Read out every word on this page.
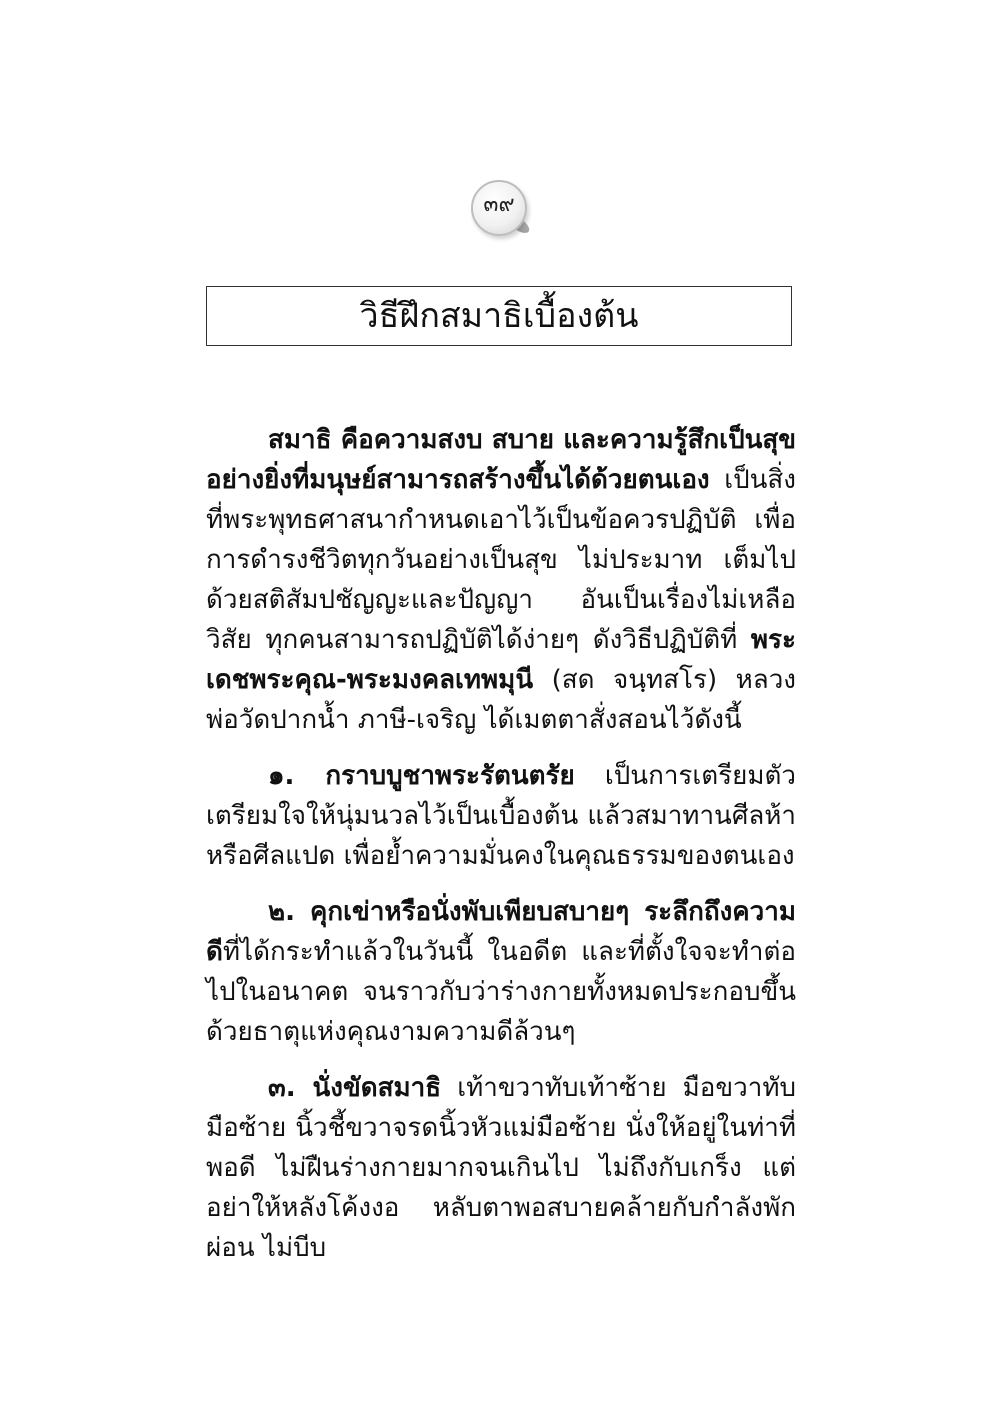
๓๙
วิธีฝึกสมาธิเบื้องต้น

สมาธิ คือความสงบ สบาย และความรู้สึกเป็นสุขอย่างยิ่งที่มนุษย์สามารถสร้างขึ้นได้ด้วยตนเอง เป็นสิ่งที่พระพุทธศาสนากำหนดเอาไว้เป็นข้อควรปฏิบัติ เพื่อการดำรงชีวิตทุกวันอย่างเป็นสุข ไม่ประมาท เต็มไปด้วยสติสัมปชัญญะและปัญญา อันเป็นเรื่องไม่เหลือวิสัย ทุกคนสามารถปฏิบัติได้ง่ายๆ ดังวิธีปฏิบัติที่ พระเดชพระคุณ-พระมงคลเทพมุนี (สด จนฺทสโร) หลวงพ่อวัดปากน้ำ ภาษี-เจริญ ได้เมตตาสั่งสอนไว้ดังนี้

๑. กราบบูชาพระรัตนตรัย เป็นการเตรียมตัว เตรียมใจให้นุ่มนวลไว้เป็นเบื้องต้น แล้วสมาทานศีลห้าหรือศีลแปด เพื่อย้ำความมั่นคงในคุณธรรมของตนเอง

๒. คุกเข่าหรือนั่งพับเพียบสบายๆ ระลึกถึงความดีที่ได้กระทำแล้วในวันนี้ ในอดีต และที่ตั้งใจจะทำต่อไปในอนาคต จนราวกับว่าร่างกายทั้งหมดประกอบขึ้นด้วยธาตุแห่งคุณงามความดีล้วนๆ

๓. นั่งขัดสมาธิ เท้าขวาทับเท้าซ้าย มือขวาทับมือซ้าย นิ้วชี้ขวาจรดนิ้วหัวแม่มือซ้าย นั่งให้อยู่ในท่าที่พอดี ไม่ฝืนร่างกายมากจนเกินไป ไม่ถึงกับเกร็ง แต่อย่าให้หลังโค้งงอ หลับตาพอสบายคล้ายกับกำลังพักผ่อน ไม่บีบ
